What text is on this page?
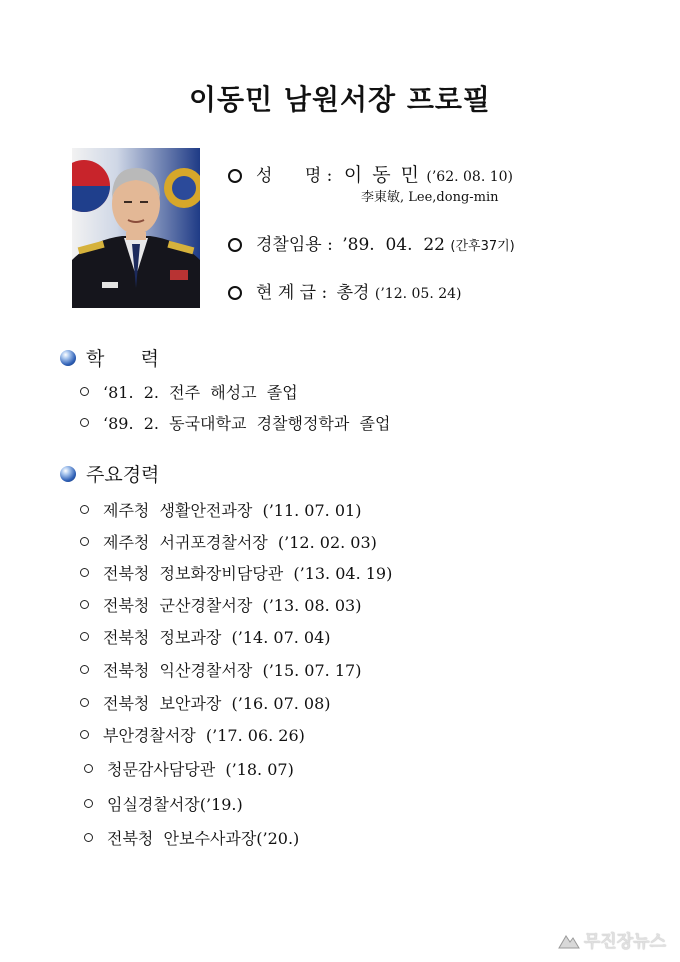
이동민 남원서장 프로필
성      명 : 이 동 민 (’62. 08. 10)
李東敏, Lee,dong-min
경찰임용 : ’89.  04.  22 (간후37기)
현 계 급 : 총경 (’12. 05. 24)
학      력
‘81.  2.  전주  해성고  졸업
‘89.  2.  동국대학교  경찰행정학과  졸업
주요경력
제주청  생활안전과장  (’11. 07. 01)
제주청  서귀포경찰서장  (’12. 02. 03)
전북청  정보화장비담당관  (’13. 04. 19)
전북청  군산경찰서장  (’13. 08. 03)
전북청  정보과장  (’14. 07. 04)
전북청  익산경찰서장  (’15. 07. 17)
전북청  보안과장  (’16. 07. 08)
부안경찰서장  (’17. 06. 26)
청문감사담당관  (’18. 07)
임실경찰서장(’19.)
전북청  안보수사과장(’20.)
무진장뉴스
